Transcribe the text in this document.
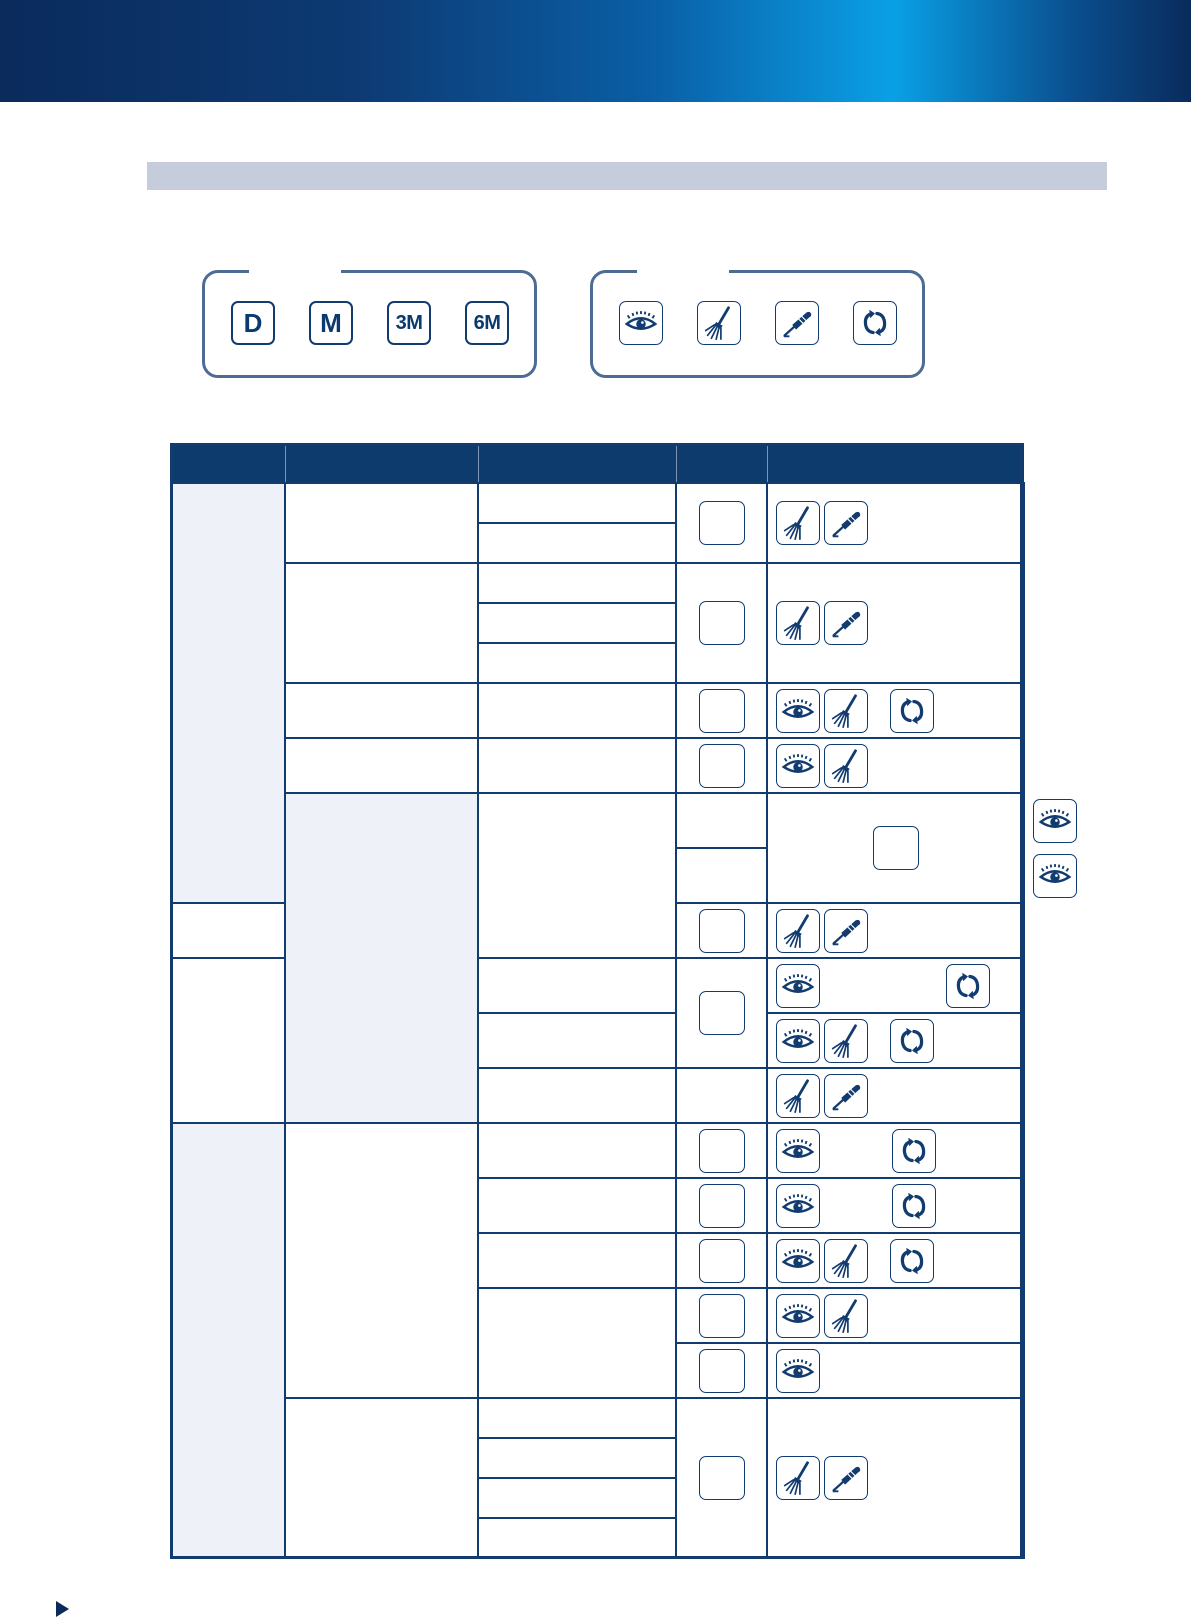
D	M	3M	6M
